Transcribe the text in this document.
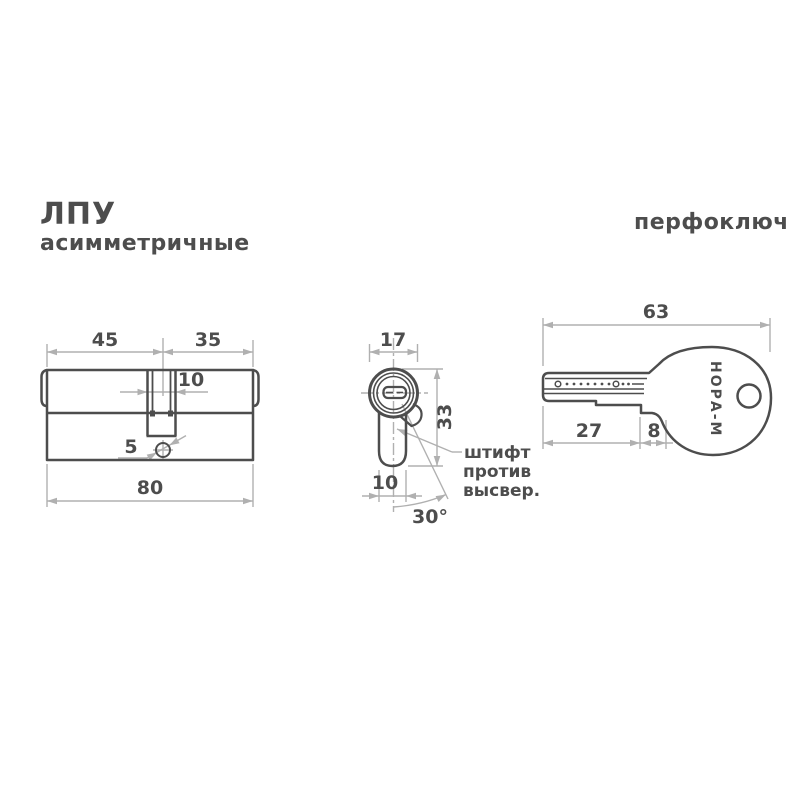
ЛПУ
асимметричные
перфоключ
45	35
10
5
80
17
33
10
30°
штифт
против
высвер.
63
27 8	НОРА-М
